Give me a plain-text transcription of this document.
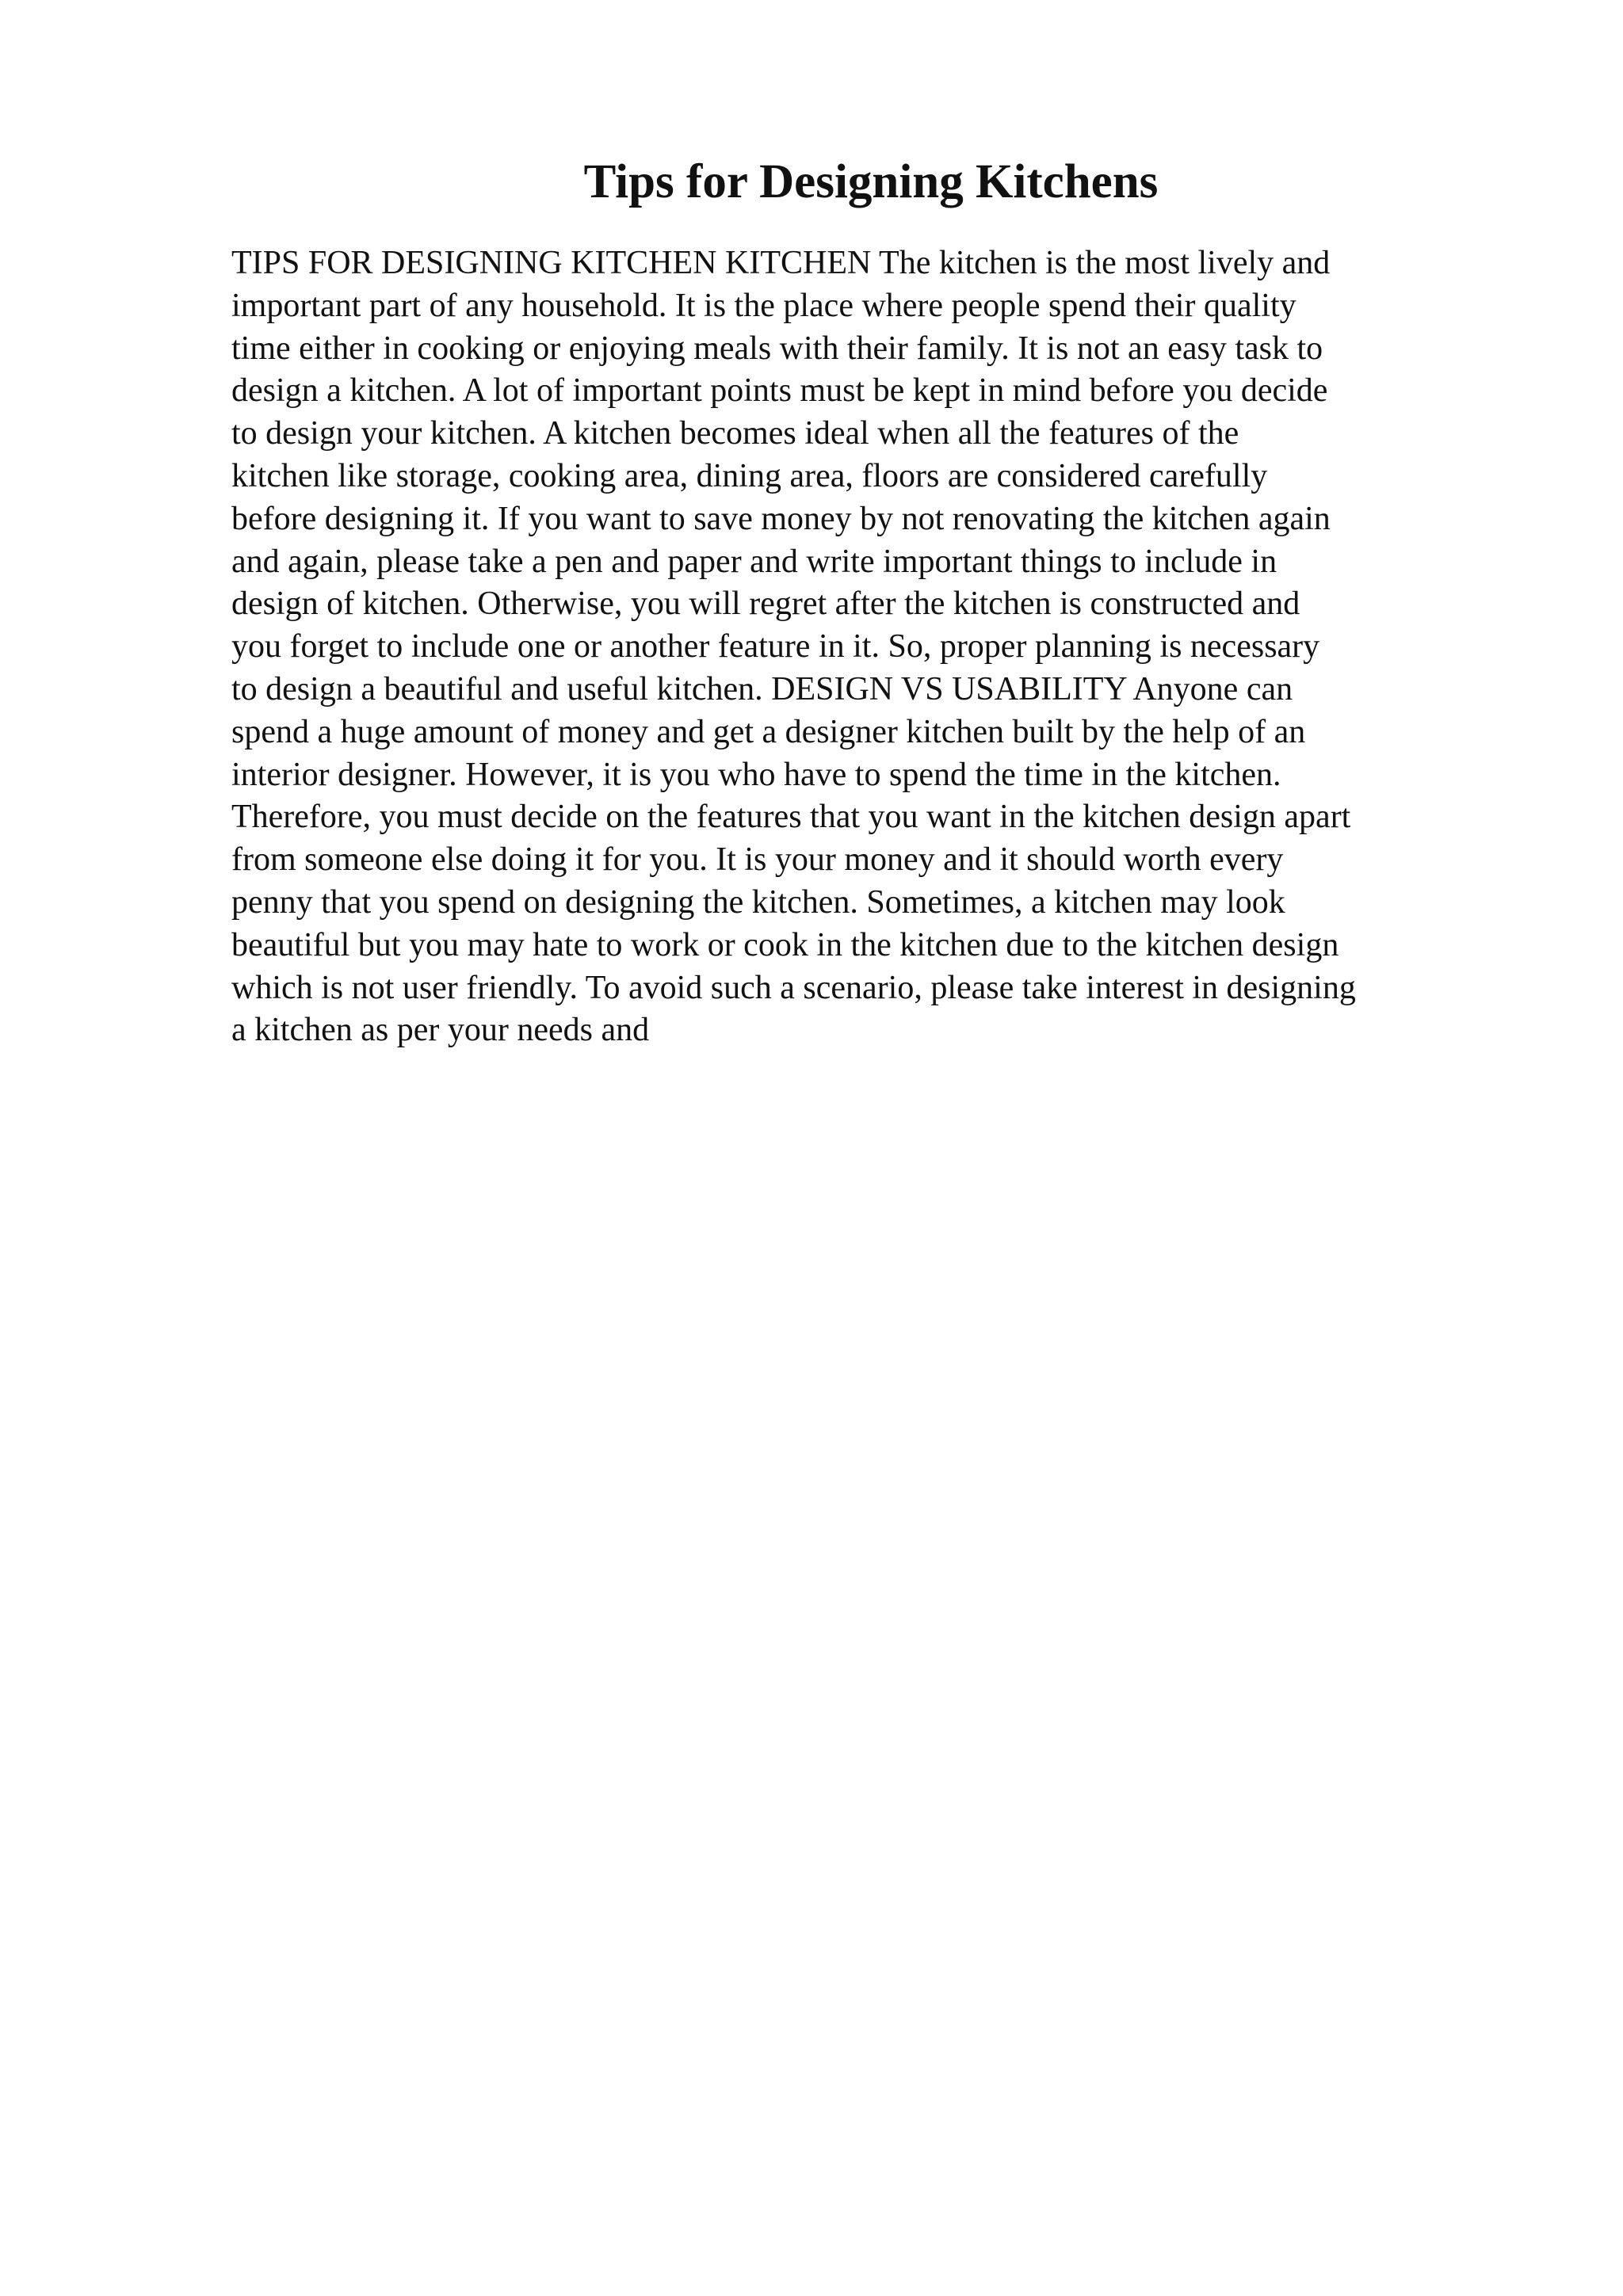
Tips for Designing Kitchens
TIPS FOR DESIGNING KITCHEN KITCHEN The kitchen is the most lively and
important part of any household. It is the place where people spend their quality
time either in cooking or enjoying meals with their family. It is not an easy task to
design a kitchen. A lot of important points must be kept in mind before you decide
to design your kitchen. A kitchen becomes ideal when all the features of the
kitchen like storage, cooking area, dining area, floors are considered carefully
before designing it. If you want to save money by not renovating the kitchen again
and again, please take a pen and paper and write important things to include in
design of kitchen. Otherwise, you will regret after the kitchen is constructed and
you forget to include one or another feature in it. So, proper planning is necessary
to design a beautiful and useful kitchen. DESIGN VS USABILITY Anyone can
spend a huge amount of money and get a designer kitchen built by the help of an
interior designer. However, it is you who have to spend the time in the kitchen.
Therefore, you must decide on the features that you want in the kitchen design apart
from someone else doing it for you. It is your money and it should worth every
penny that you spend on designing the kitchen. Sometimes, a kitchen may look
beautiful but you may hate to work or cook in the kitchen due to the kitchen design
which is not user friendly. To avoid such a scenario, please take interest in designing
a kitchen as per your needs and
